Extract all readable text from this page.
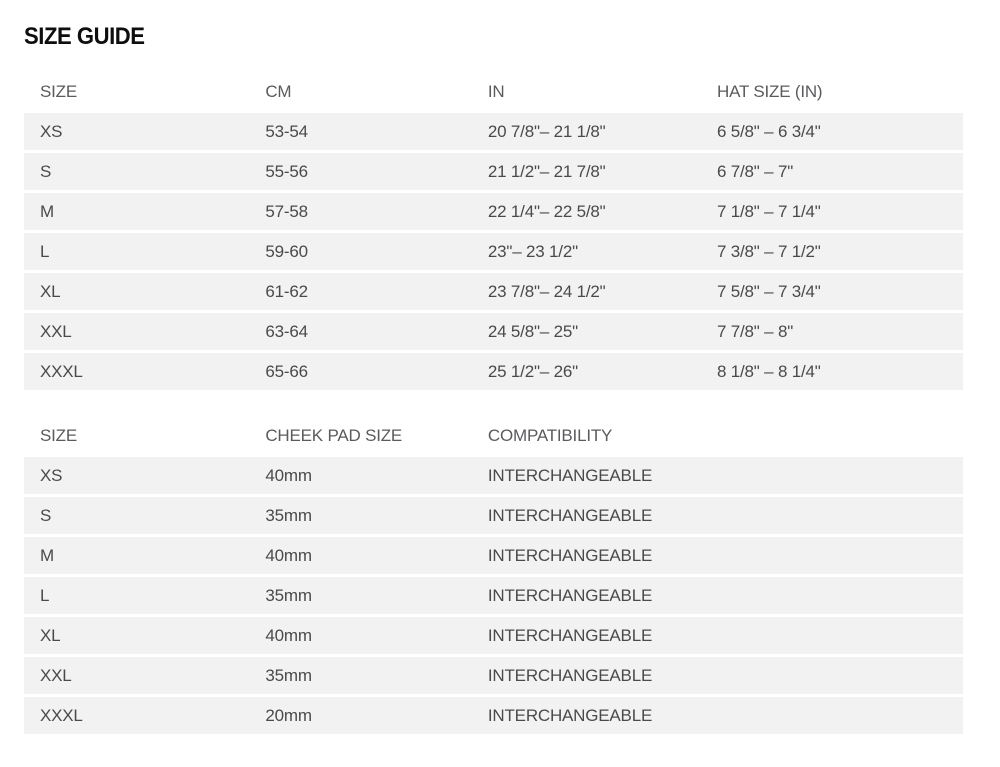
SIZE GUIDE
SIZE	CM	IN	HAT SIZE (IN)
XS	53-54	20 7/8"– 21 1/8"	6 5/8" – 6 3/4"
S	55-56	21 1/2"– 21 7/8"	6 7/8" – 7"
M	57-58	22 1/4"– 22 5/8"	7 1/8" – 7 1/4"
L	59-60	23"– 23 1/2"	7 3/8" – 7 1/2"
XL	61-62	23 7/8"– 24 1/2"	7 5/8" – 7 3/4"
XXL	63-64	24 5/8"– 25"	7 7/8" – 8"
XXXL	65-66	25 1/2"– 26"	8 1/8" – 8 1/4"
SIZE	CHEEK PAD SIZE	COMPATIBILITY
XS	40mm	INTERCHANGEABLE
S	35mm	INTERCHANGEABLE
M	40mm	INTERCHANGEABLE
L	35mm	INTERCHANGEABLE
XL	40mm	INTERCHANGEABLE
XXL	35mm	INTERCHANGEABLE
XXXL	20mm	INTERCHANGEABLE
